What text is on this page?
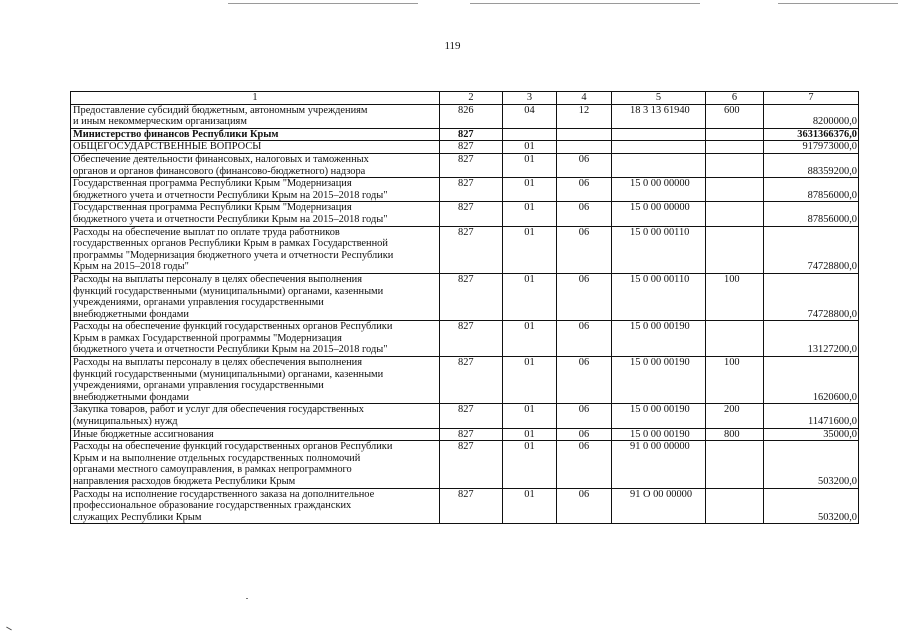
119
1	2	3	4	5	6	7
Предоставление субсидий бюджетным, автономным учреждениям
и иным некоммерческим организациям	826	04	12	18 3 13 61940	600	8200000,0
Министерство финансов Республики Крым	827					3631366376,0
ОБЩЕГОСУДАРСТВЕННЫЕ ВОПРОСЫ	827	01				917973000,0
Обеспечение деятельности финансовых, налоговых и таможенных
органов и органов финансового (финансово-бюджетного) надзора	827	01	06			88359200,0
Государственная программа Республики Крым "Модернизация
бюджетного учета и отчетности Республики Крым на 2015–2018 годы"	827	01	06	15 0 00 00000		87856000,0
Государственная программа Республики Крым "Модернизация
бюджетного учета и отчетности Республики Крым на 2015–2018 годы"	827	01	06	15 0 00 00000		87856000,0
Расходы на обеспечение выплат по оплате труда работников
государственных органов Республики Крым в рамках Государственной
программы "Модернизация бюджетного учета и отчетности Республики
Крым на 2015–2018 годы"	827	01	06	15 0 00 00110		74728800,0
Расходы на выплаты персоналу в целях обеспечения выполнения
функций государственными (муниципальными) органами, казенными
учреждениями, органами управления государственными
внебюджетными фондами	827	01	06	15 0 00 00110	100	74728800,0
Расходы на обеспечение функций государственных органов Республики
Крым в рамках Государственной программы "Модернизация
бюджетного учета и отчетности Республики Крым на 2015–2018 годы"	827	01	06	15 0 00 00190		13127200,0
Расходы на выплаты персоналу в целях обеспечения выполнения
функций государственными (муниципальными) органами, казенными
учреждениями, органами управления государственными
внебюджетными фондами	827	01	06	15 0 00 00190	100	1620600,0
Закупка товаров, работ и услуг для обеспечения государственных
(муниципальных) нужд	827	01	06	15 0 00 00190	200	11471600,0
Иные бюджетные ассигнования	827	01	06	15 0 00 00190	800	35000,0
Расходы на обеспечение функций государственных органов Республики
Крым и на выполнение отдельных государственных полномочий
органами местного самоуправления, в рамках непрограммного
направления расходов бюджета Республики Крым	827	01	06	91 0 00 00000		503200,0
Расходы на исполнение государственного заказа на дополнительное
профессиональное образование государственных гражданских
служащих Республики Крым	827	01	06	91 О 00 00000		503200,0
